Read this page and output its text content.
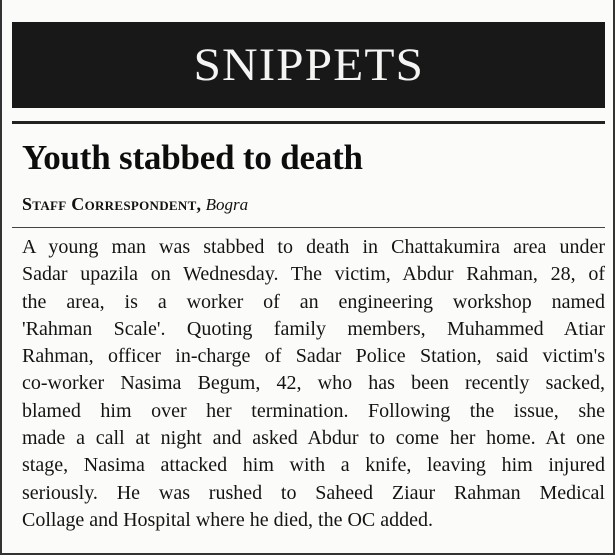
SNIPPETS
Youth stabbed to death
Staff Correspondent, Bogra
A young man was stabbed to death in Chattakumira area under
Sadar upazila on Wednesday. The victim, Abdur Rahman, 28, of
the area, is a worker of an engineering workshop named
'Rahman Scale'. Quoting family members, Muhammed Atiar
Rahman, officer in-charge of Sadar Police Station, said victim's
co-worker Nasima Begum, 42, who has been recently sacked,
blamed him over her termination. Following the issue, she
made a call at night and asked Abdur to come her home. At one
stage, Nasima attacked him with a knife, leaving him injured
seriously. He was rushed to Saheed Ziaur Rahman Medical
Collage and Hospital where he died, the OC added.
